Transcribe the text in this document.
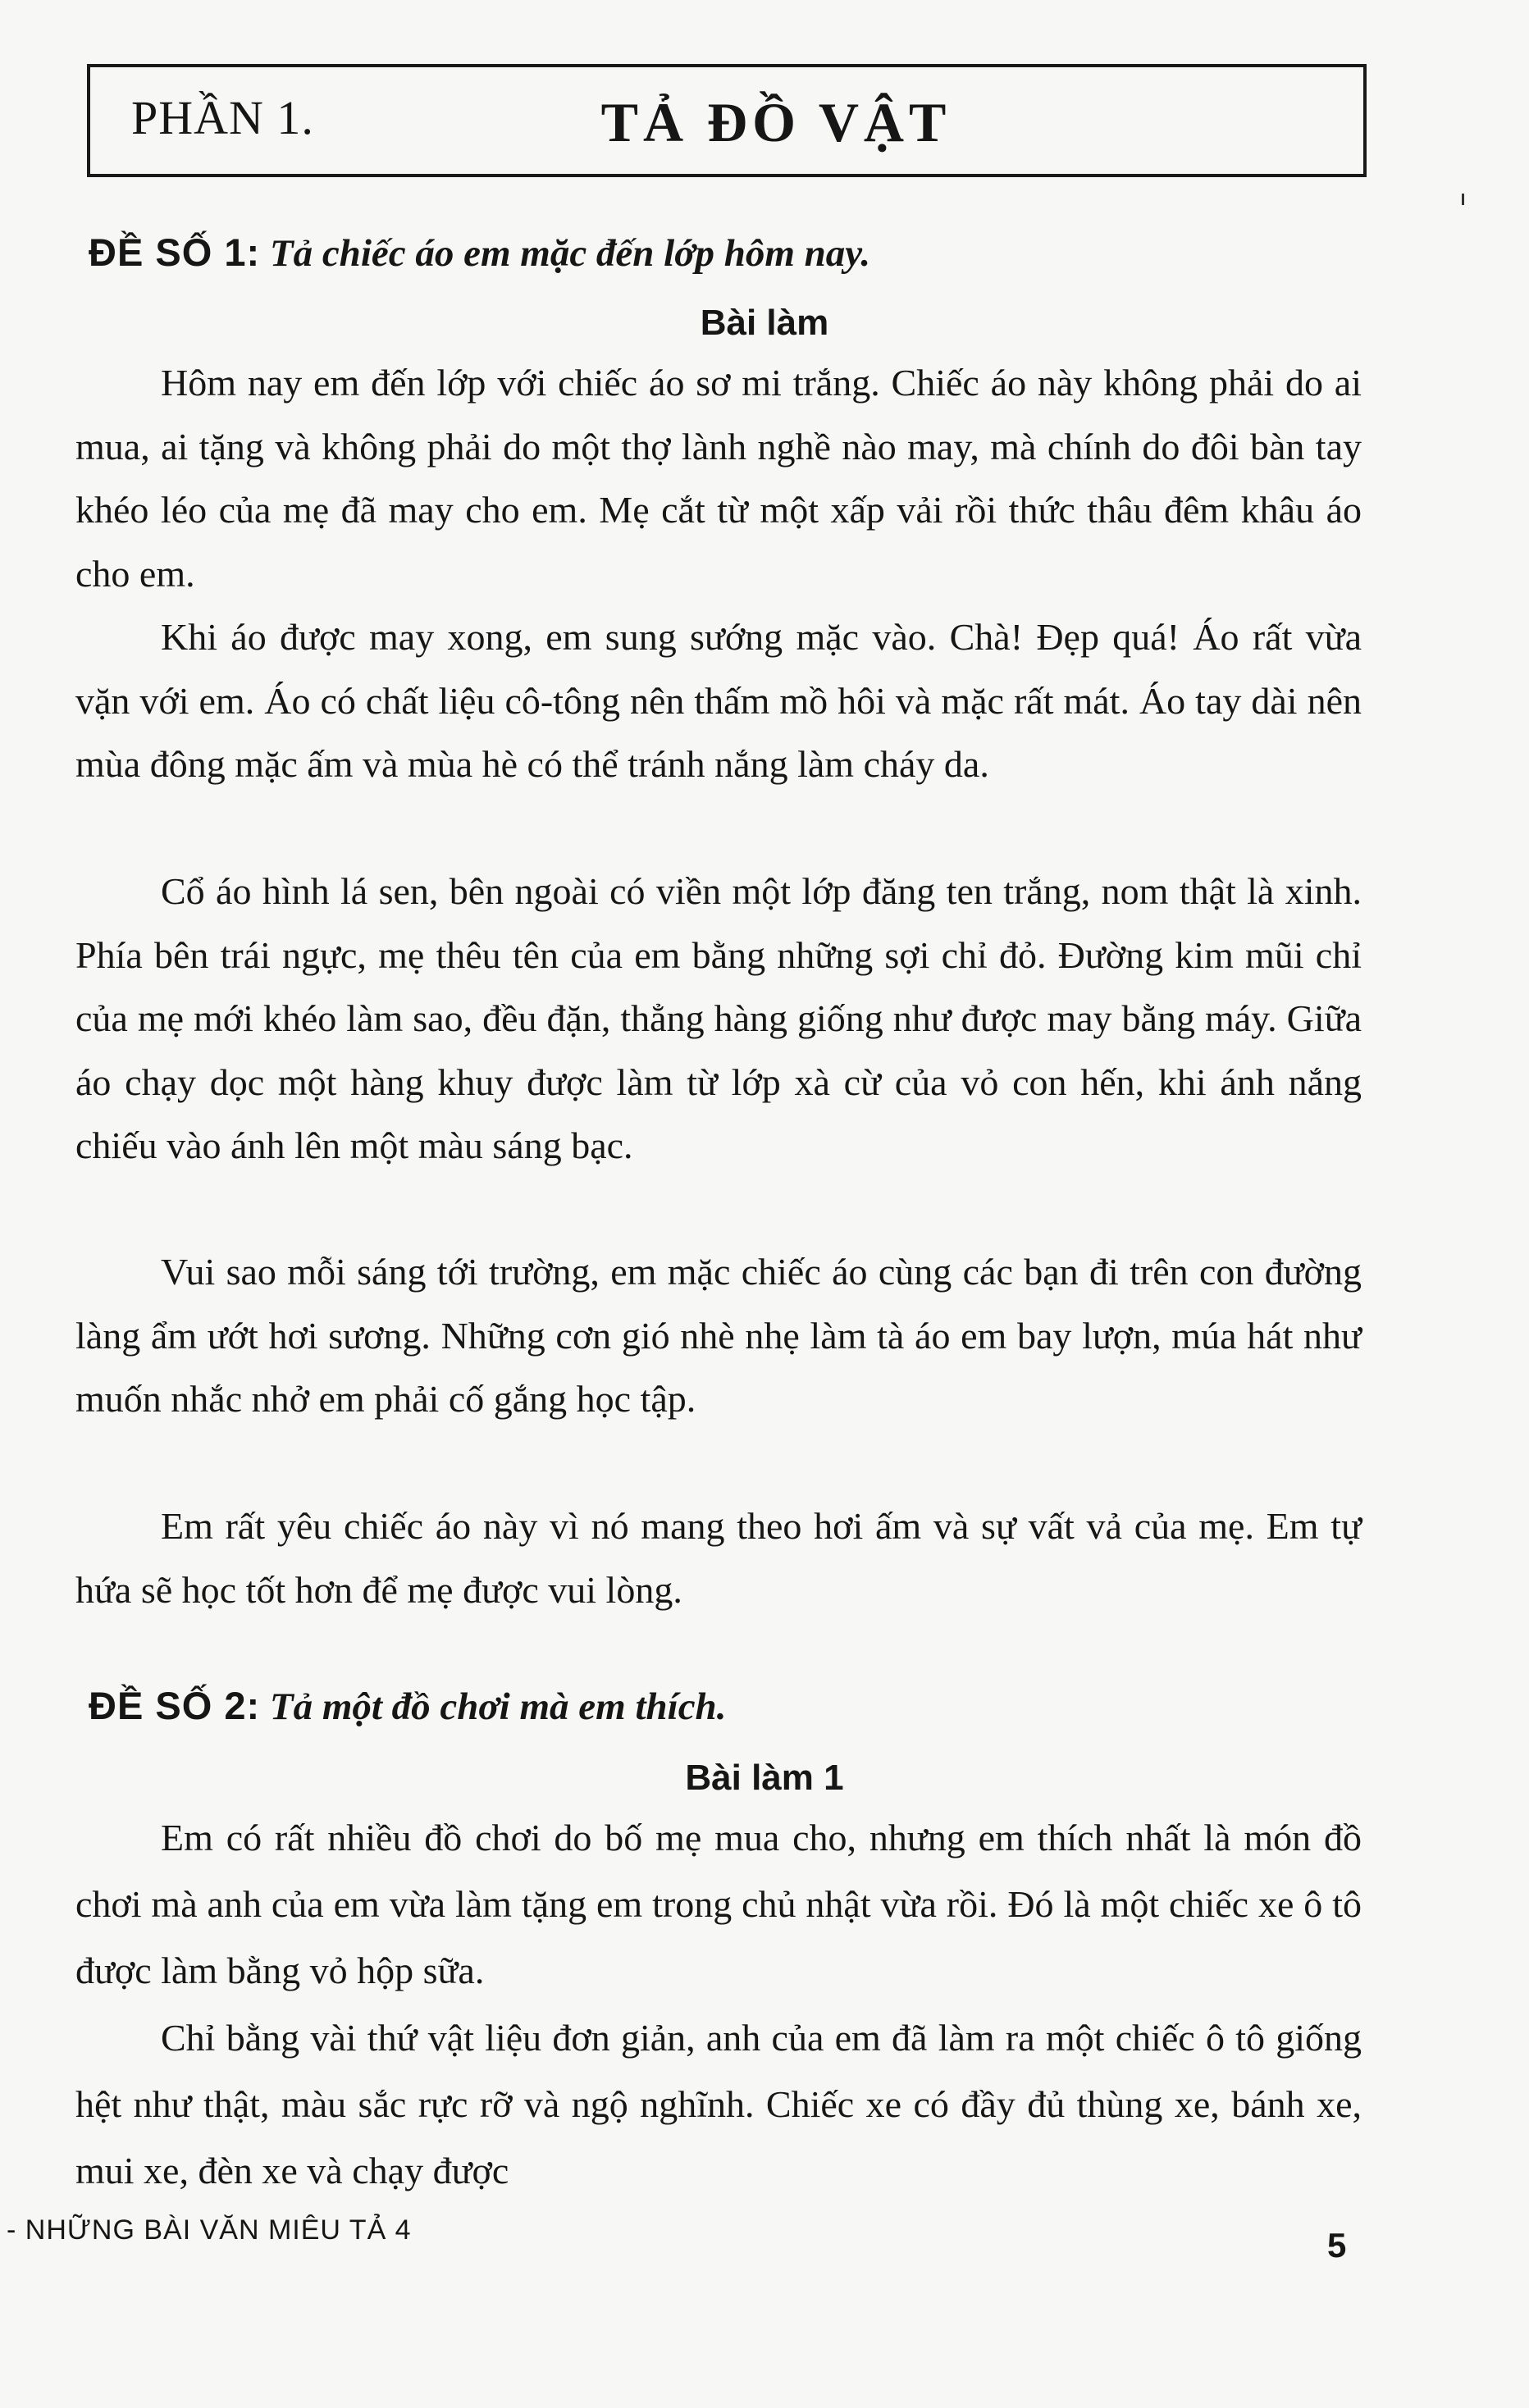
PHẦN 1.	TẢ ĐỒ VẬT
ĐỀ SỐ 1: Tả chiếc áo em mặc đến lớp hôm nay.
Bài làm

Hôm nay em đến lớp với chiếc áo sơ mi trắng. Chiếc áo này không phải do ai mua, ai tặng và không phải do một thợ lành nghề nào may, mà chính do đôi bàn tay khéo léo của mẹ đã may cho em. Mẹ cắt từ một xấp vải rồi thức thâu đêm khâu áo cho em.

Khi áo được may xong, em sung sướng mặc vào. Chà! Đẹp quá! Áo rất vừa vặn với em. Áo có chất liệu cô-tông nên thấm mồ hôi và mặc rất mát. Áo tay dài nên mùa đông mặc ấm và mùa hè có thể tránh nắng làm cháy da.

Cổ áo hình lá sen, bên ngoài có viền một lớp đăng ten trắng, nom thật là xinh. Phía bên trái ngực, mẹ thêu tên của em bằng những sợi chỉ đỏ. Đường kim mũi chỉ của mẹ mới khéo làm sao, đều đặn, thẳng hàng giống như được may bằng máy. Giữa áo chạy dọc một hàng khuy được làm từ lớp xà cừ của vỏ con hến, khi ánh nắng chiếu vào ánh lên một màu sáng bạc.

Vui sao mỗi sáng tới trường, em mặc chiếc áo cùng các bạn đi trên con đường làng ẩm ướt hơi sương. Những cơn gió nhè nhẹ làm tà áo em bay lượn, múa hát như muốn nhắc nhở em phải cố gắng học tập.

Em rất yêu chiếc áo này vì nó mang theo hơi ấm và sự vất vả của mẹ. Em tự hứa sẽ học tốt hơn để mẹ được vui lòng.

ĐỀ SỐ 2: Tả một đồ chơi mà em thích.
Bài làm 1

Em có rất nhiều đồ chơi do bố mẹ mua cho, nhưng em thích nhất là món đồ chơi mà anh của em vừa làm tặng em trong chủ nhật vừa rồi. Đó là một chiếc xe ô tô được làm bằng vỏ hộp sữa.

Chỉ bằng vài thứ vật liệu đơn giản, anh của em đã làm ra một chiếc ô tô giống hệt như thật, màu sắc rực rỡ và ngộ nghĩnh. Chiếc xe có đầy đủ thùng xe, bánh xe, mui xe, đèn xe và chạy được

- NHỮNG BÀI VĂN MIÊU TẢ 4	5
